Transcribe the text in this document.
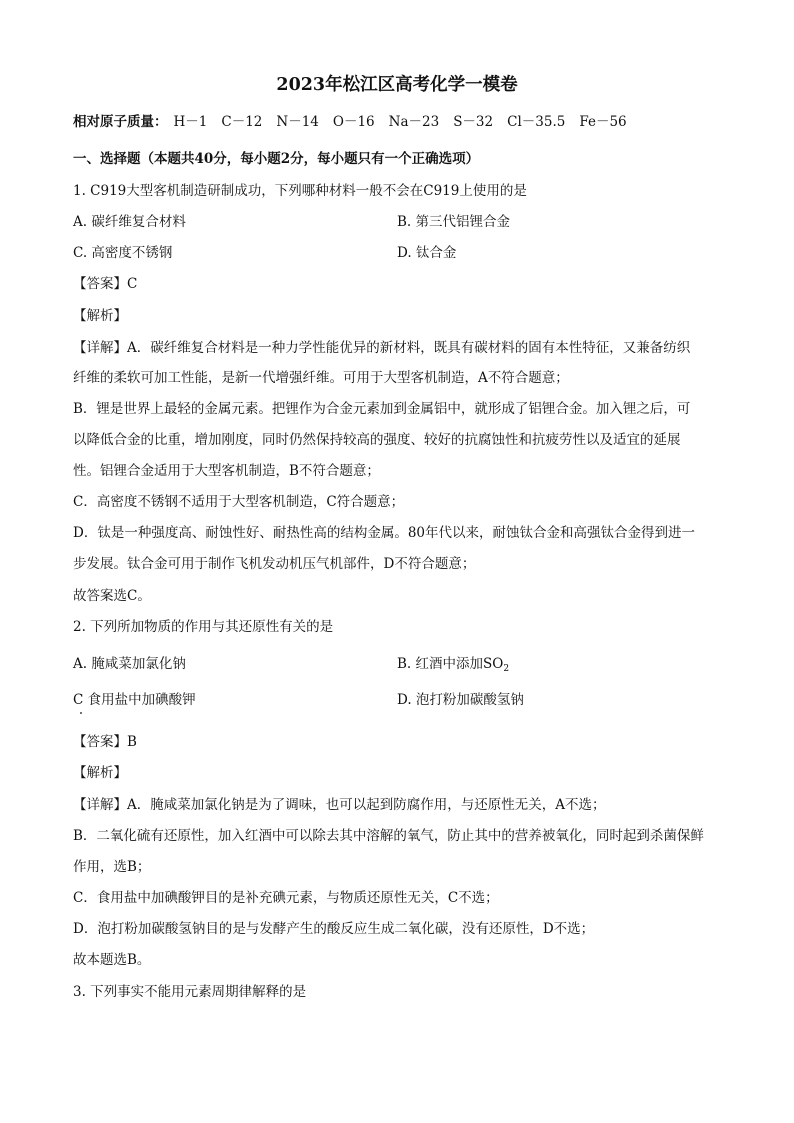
2023年松江区高考化学一模卷
相对原子质量： H－1 C－12 N－14 O－16 Na－23 S－32 Cl－35.5 Fe－56
一、选择题（本题共40分，每小题2分，每小题只有一个正确选项）
1. C919大型客机制造研制成功，下列哪种材料一般不会在C919上使用的是
A. 碳纤维复合材料	B. 第三代铝锂合金
C. 高密度不锈钢	D. 钛合金
【答案】C
【解析】
【详解】A．碳纤维复合材料是一种力学性能优异的新材料，既具有碳材料的固有本性特征，又兼备纺织
纤维的柔软可加工性能，是新一代增强纤维。可用于大型客机制造，A不符合题意；
B．锂是世界上最轻的金属元素。把锂作为合金元素加到金属铝中，就形成了铝锂合金。加入锂之后，可
以降低合金的比重，增加刚度，同时仍然保持较高的强度、较好的抗腐蚀性和抗疲劳性以及适宜的延展
性。铝锂合金适用于大型客机制造，B不符合题意；
C．高密度不锈钢不适用于大型客机制造，C符合题意；
D．钛是一种强度高、耐蚀性好、耐热性高的结构金属。80年代以来，耐蚀钛合金和高强钛合金得到进一
步发展。钛合金可用于制作飞机发动机压气机部件，D不符合题意；
故答案选C。
2. 下列所加物质的作用与其还原性有关的是
A. 腌咸菜加氯化钠	B. 红酒中添加$SO_2$
C 食用盐中加碘酸钾	D. 泡打粉加碳酸氢钠
【答案】B
【解析】
【详解】A．腌咸菜加氯化钠是为了调味，也可以起到防腐作用，与还原性无关，A不选；
B．二氧化硫有还原性，加入红酒中可以除去其中溶解的氧气，防止其中的营养被氧化，同时起到杀菌保鲜
作用，选B；
C．食用盐中加碘酸钾目的是补充碘元素，与物质还原性无关，C不选；
D．泡打粉加碳酸氢钠目的是与发酵产生的酸反应生成二氧化碳，没有还原性，D不选；
故本题选B。
3. 下列事实不能用元素周期律解释的是
